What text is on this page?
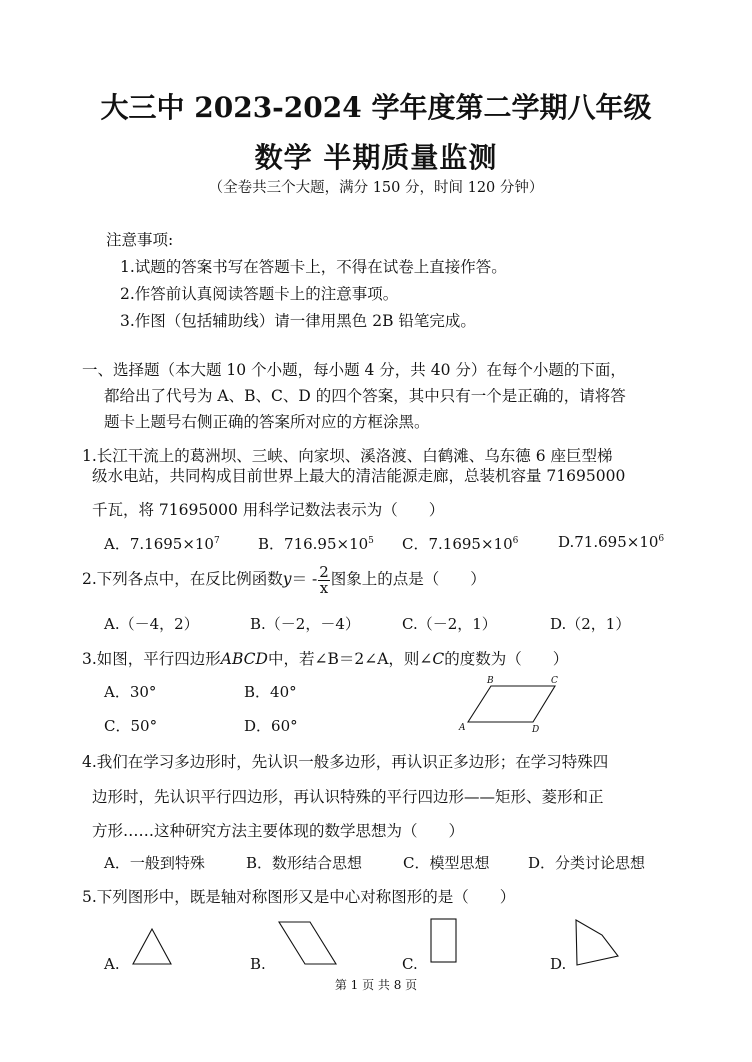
大三中 2023-2024 学年度第二学期八年级
数学 半期质量监测
（全卷共三个大题，满分 150 分，时间 120 分钟）
注意事项:
1.试题的答案书写在答题卡上，不得在试卷上直接作答。
2.作答前认真阅读答题卡上的注意事项。
3.作图（包括辅助线）请一律用黑色 2B 铅笔完成。
一、选择题（本大题 10 个小题，每小题 4 分，共 40 分）在每个小题的下面，
都给出了代号为 A、B、C、D 的四个答案，其中只有一个是正确的，请将答
题卡上题号右侧正确的答案所对应的方框涂黑。
1.长江干流上的葛洲坝、三峡、向家坝、溪洛渡、白鹤滩、乌东德 6 座巨型梯
级水电站，共同构成目前世界上最大的清洁能源走廊，总装机容量 71695000
千瓦，将 71695000 用科学记数法表示为（　　）
A．$7.1695\times 10^7$	B．$716.95\times 10^5$ C．$7.1695\times 10^6$	$D.71.695\times 10^6$
2.下列各点中，在反比例函数$y= - \frac{2}{x}$ 图象上的点是（　　）
A.（－4，2）	B.（－2，－4）	C.（－2，1）	D.（2，1）
3.如图，平行四边形ABCD中，若∠B＝2∠A，则∠C的度数为（　　）
A．30°	B．40°
C．50°	D．60°	A
B	C
D
4.我们在学习多边形时，先认识一般多边形，再认识正多边形；在学习特殊四
边形时，先认识平行四边形，再认识特殊的平行四边形——矩形、菱形和正
方形……这种研究方法主要体现的数学思想为（　　）
A．一般到特殊	B．数形结合思想	C．模型思想	D．分类讨论思想
5.下列图形中，既是轴对称图形又是中心对称图形的是（　　）
A.	B.	C.	D.
第 1 页 共 8 页
